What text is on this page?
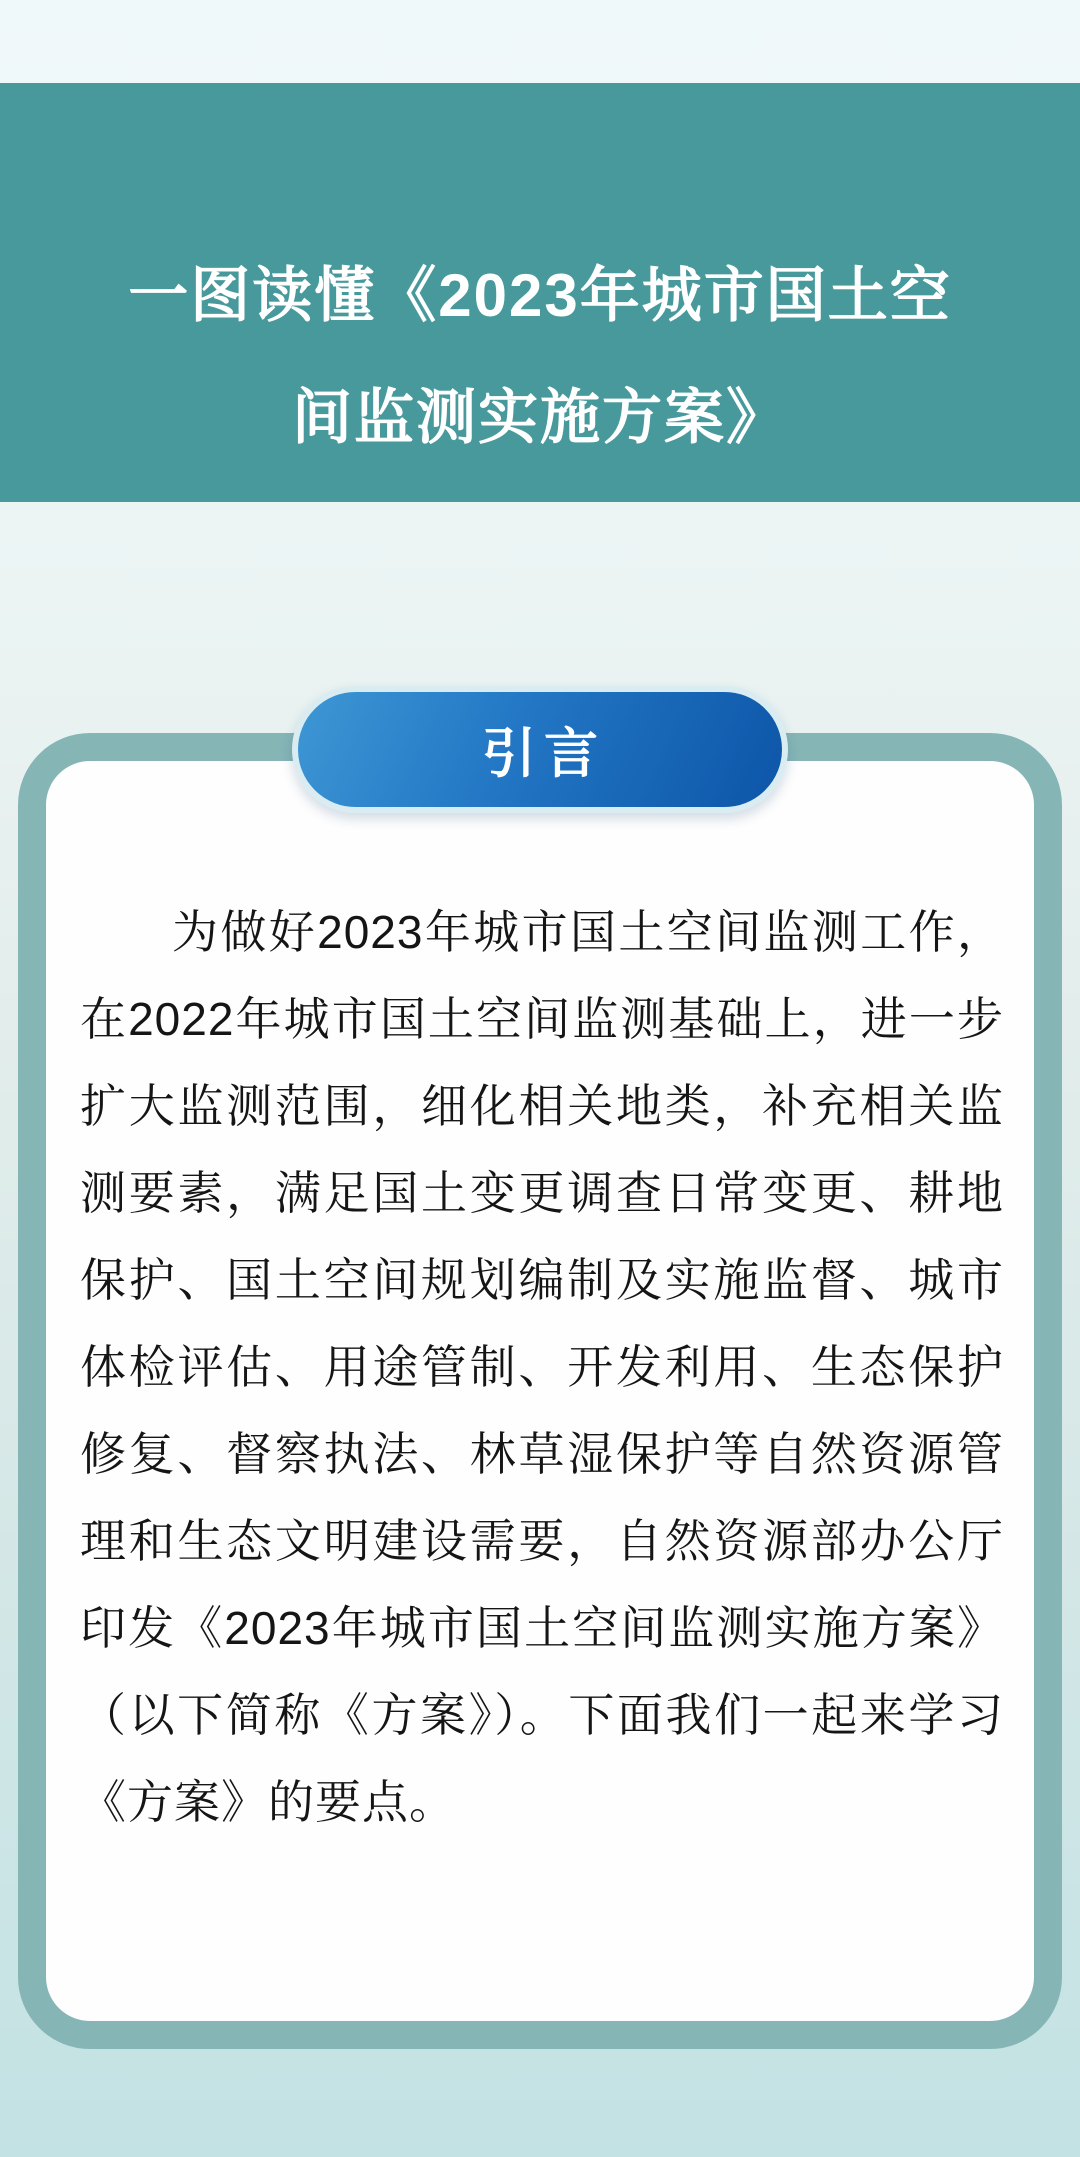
一图读懂《2023年城市国土空
间监测实施方案》
引言

为做好2023年城市国土空间监测工作，在2022年城市国土空间监测基础上，进一步扩大监测范围，细化相关地类，补充相关监测要素，满足国土变更调查日常变更、耕地保护、国土空间规划编制及实施监督、城市体检评估、用途管制、开发利用、生态保护修复、督察执法、林草湿保护等自然资源管理和生态文明建设需要，自然资源部办公厅印发《2023年城市国土空间监测实施方案》（以下简称《方案》）。下面我们一起来学习《方案》的要点。
